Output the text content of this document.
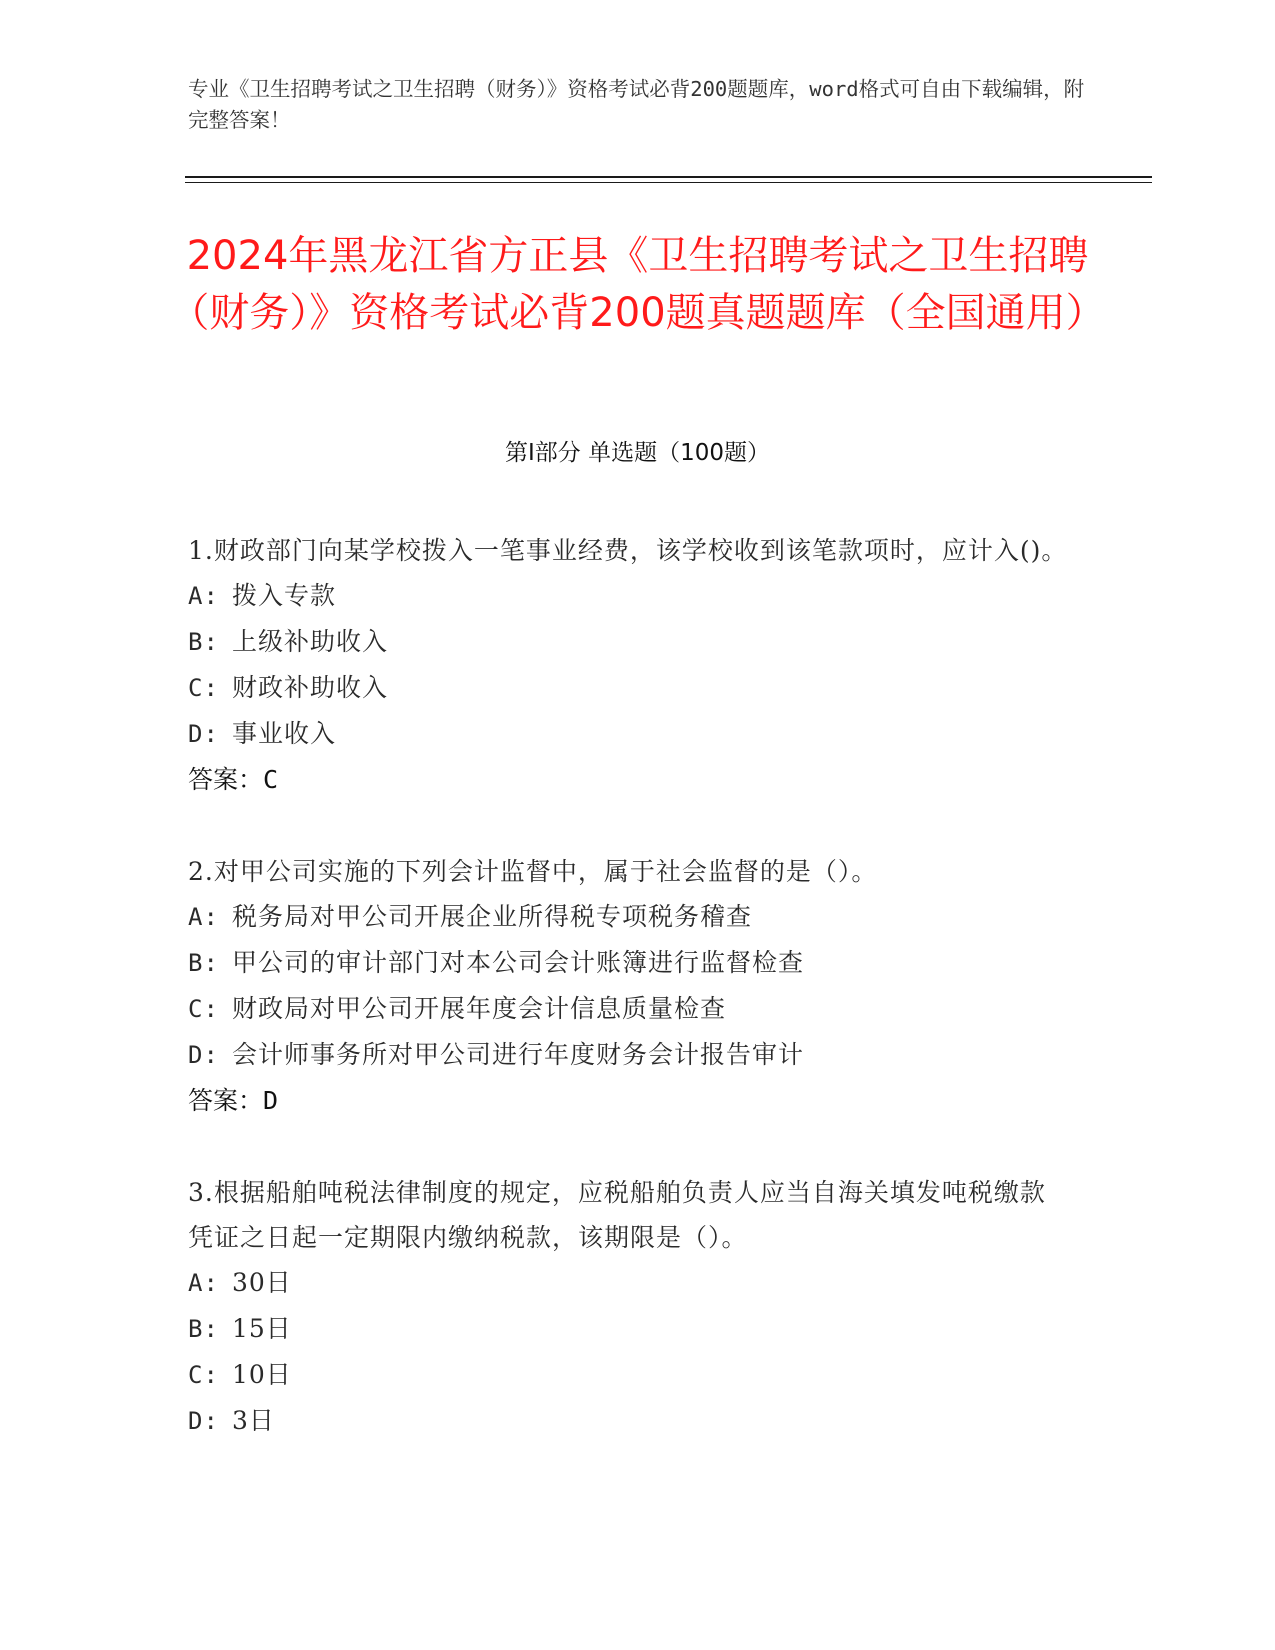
专业《卫生招聘考试之卫生招聘（财务）》资格考试必背200题题库，word格式可自由下载编辑，附完整答案！
2024年黑龙江省方正县《卫生招聘考试之卫生招聘（财务）》资格考试必背200题真题题库（全国通用）
第Ⅰ部分 单选题（100题）
1.财政部门向某学校拨入一笔事业经费，该学校收到该笔款项时，应计入()。
A: 拨入专款
B: 上级补助收入
C: 财政补助收入
D: 事业收入
答案：C
2.对甲公司实施的下列会计监督中，属于社会监督的是（）。
A: 税务局对甲公司开展企业所得税专项税务稽查
B: 甲公司的审计部门对本公司会计账簿进行监督检查
C: 财政局对甲公司开展年度会计信息质量检查
D: 会计师事务所对甲公司进行年度财务会计报告审计
答案：D
3.根据船舶吨税法律制度的规定，应税船舶负责人应当自海关填发吨税缴款凭证之日起一定期限内缴纳税款，该期限是（）。
A: 30日
B: 15日
C: 10日
D: 3日
